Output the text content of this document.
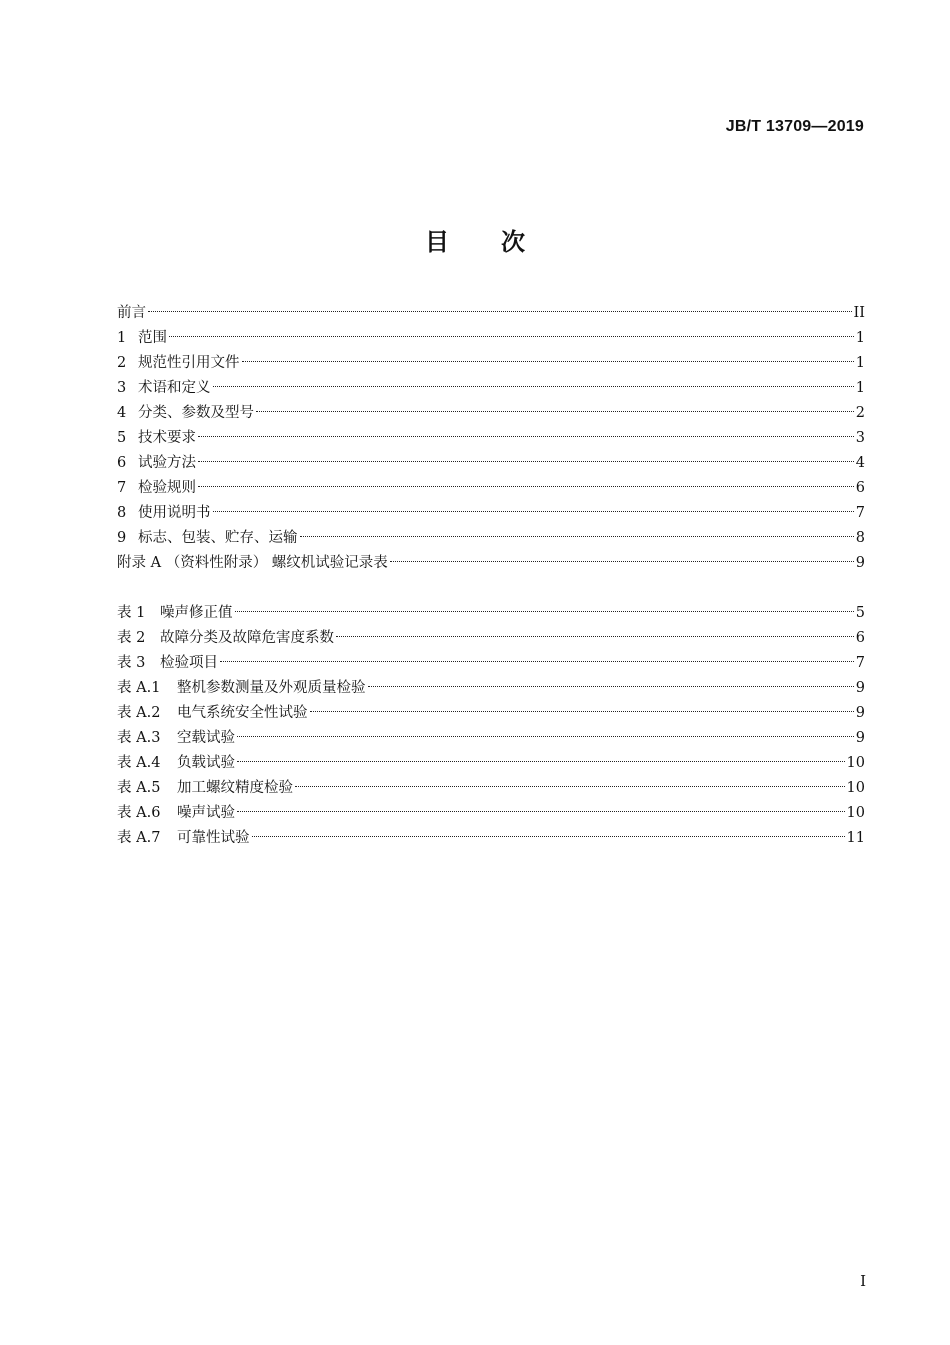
JB/T 13709—2019
目 次
前言	II
1 范围	1
2 规范性引用文件	1
3 术语和定义	1
4 分类、参数及型号	2
5 技术要求	3
6 试验方法	4
7 检验规则	6
8 使用说明书	7
9 标志、包装、贮存、运输	8
附录 A （资料性附录） 螺纹机试验记录表	9
表 1	噪声修正值	5
表 2	故障分类及故障危害度系数	6
表 3	检验项目	7
表 A.1	整机参数测量及外观质量检验	9
表 A.2	电气系统安全性试验	9
表 A.3	空载试验	9
表 A.4	负载试验	10
表 A.5	加工螺纹精度检验	10
表 A.6	噪声试验	10
表 A.7	可靠性试验	11
I
